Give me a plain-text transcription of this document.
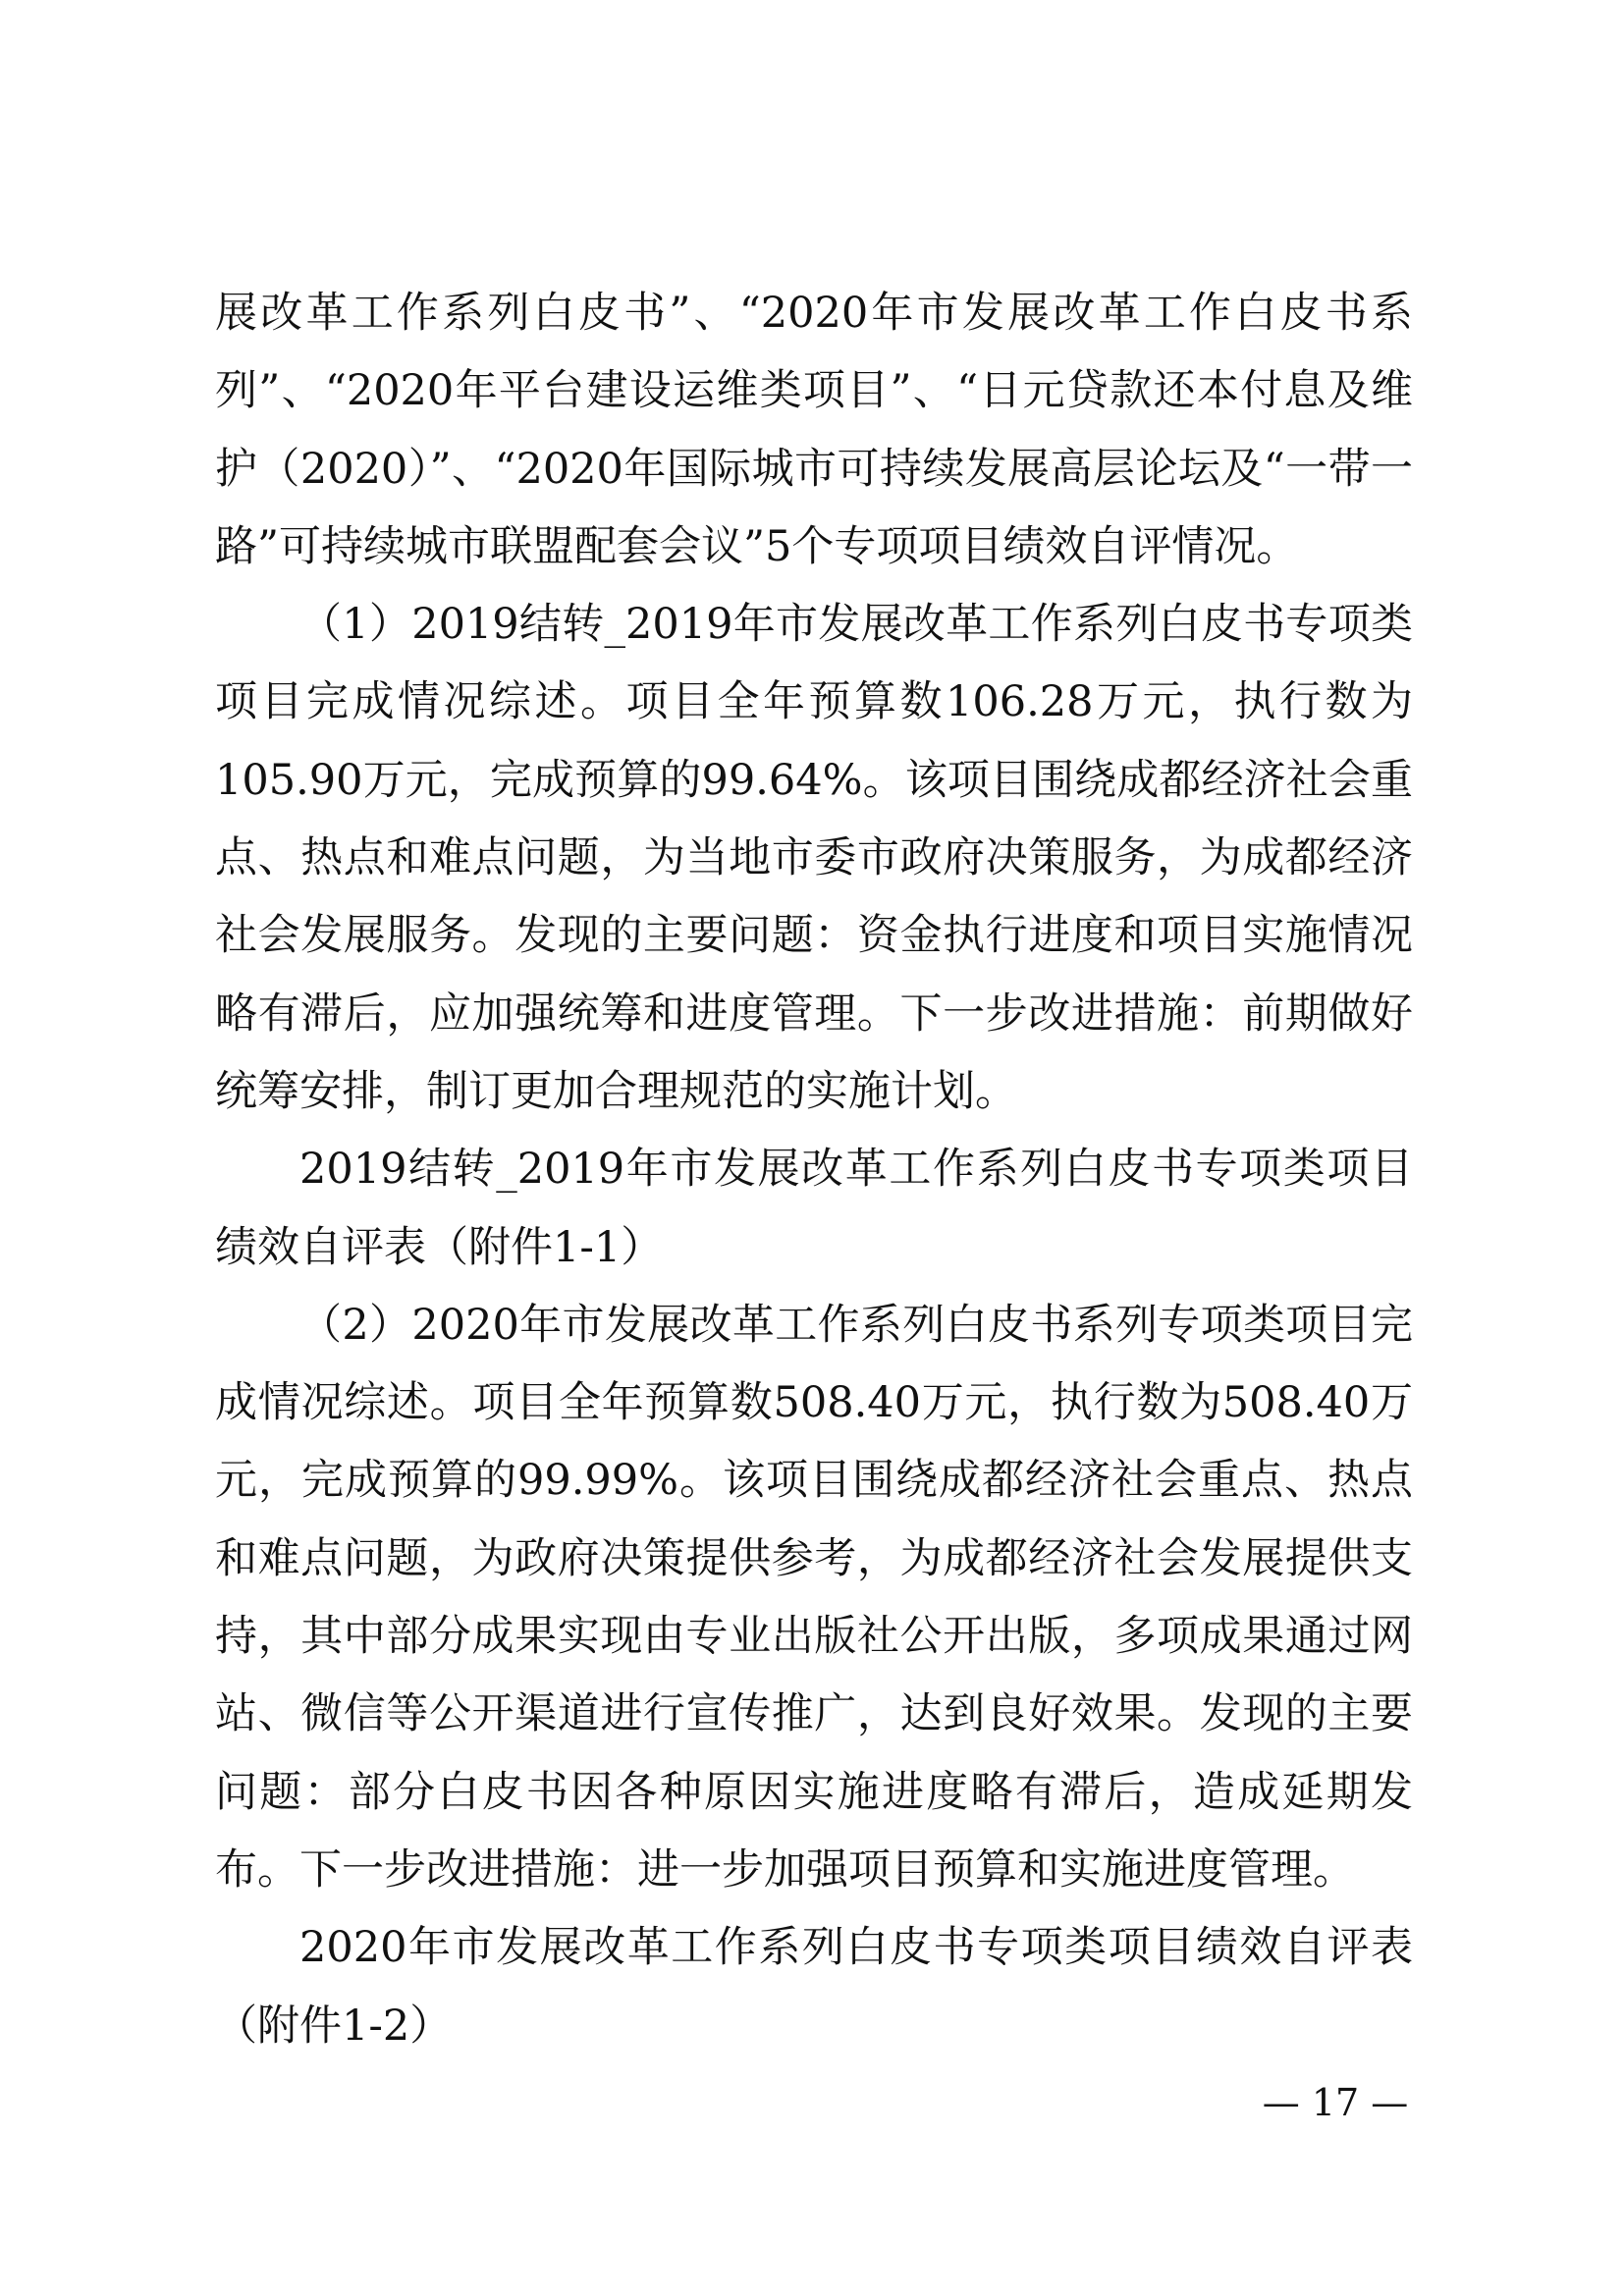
展改革工作系列白皮书”、“2020年市发展改革工作白皮书系列”、“2020年平台建设运维类项目”、“日元贷款还本付息及维护（2020）”、“2020年国际城市可持续发展高层论坛及“一带一路”可持续城市联盟配套会议”5个专项项目绩效自评情况。

（1）2019结转_2019年市发展改革工作系列白皮书专项类项目完成情况综述。项目全年预算数106.28万元，执行数为105.90万元，完成预算的99.64%。该项目围绕成都经济社会重点、热点和难点问题，为当地市委市政府决策服务，为成都经济社会发展服务。发现的主要问题：资金执行进度和项目实施情况略有滞后，应加强统筹和进度管理。下一步改进措施：前期做好统筹安排，制订更加合理规范的实施计划。

2019结转_2019年市发展改革工作系列白皮书专项类项目绩效自评表（附件1-1）

（2）2020年市发展改革工作系列白皮书系列专项类项目完成情况综述。项目全年预算数508.40万元，执行数为508.40万元，完成预算的99.99%。该项目围绕成都经济社会重点、热点和难点问题，为政府决策提供参考，为成都经济社会发展提供支持，其中部分成果实现由专业出版社公开出版，多项成果通过网站、微信等公开渠道进行宣传推广，达到良好效果。发现的主要问题：部分白皮书因各种原因实施进度略有滞后，造成延期发布。下一步改进措施：进一步加强项目预算和实施进度管理。

2020年市发展改革工作系列白皮书专项类项目绩效自评表（附件1-2）

— 17 —
